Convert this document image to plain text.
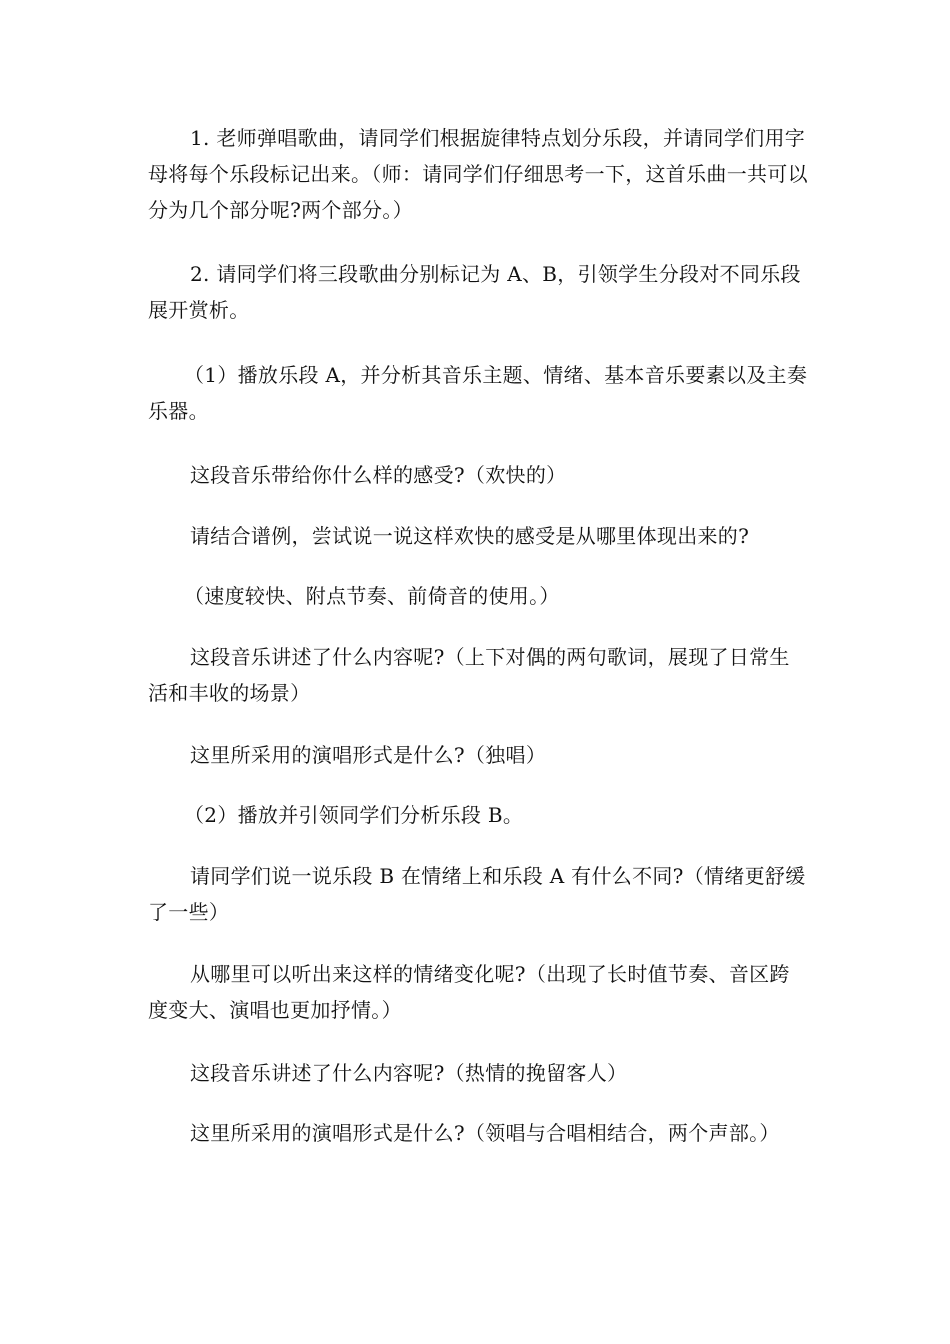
1. 老师弹唱歌曲，请同学们根据旋律特点划分乐段，并请同学们用字母将每个乐段标记出来。（师：请同学们仔细思考一下，这首乐曲一共可以分为几个部分呢?两个部分。）

2. 请同学们将三段歌曲分别标记为 A、B，引领学生分段对不同乐段展开赏析。

（1）播放乐段 A，并分析其音乐主题、情绪、基本音乐要素以及主奏乐器。

这段音乐带给你什么样的感受?（欢快的）

请结合谱例，尝试说一说这样欢快的感受是从哪里体现出来的?

（速度较快、附点节奏、前倚音的使用。）

这段音乐讲述了什么内容呢?（上下对偶的两句歌词，展现了日常生活和丰收的场景）

这里所采用的演唱形式是什么?（独唱）

（2）播放并引领同学们分析乐段 B。

请同学们说一说乐段 B 在情绪上和乐段 A 有什么不同?（情绪更舒缓了一些）

从哪里可以听出来这样的情绪变化呢?（出现了长时值节奏、音区跨度变大、演唱也更加抒情。）

这段音乐讲述了什么内容呢?（热情的挽留客人）

这里所采用的演唱形式是什么?（领唱与合唱相结合，两个声部。）
